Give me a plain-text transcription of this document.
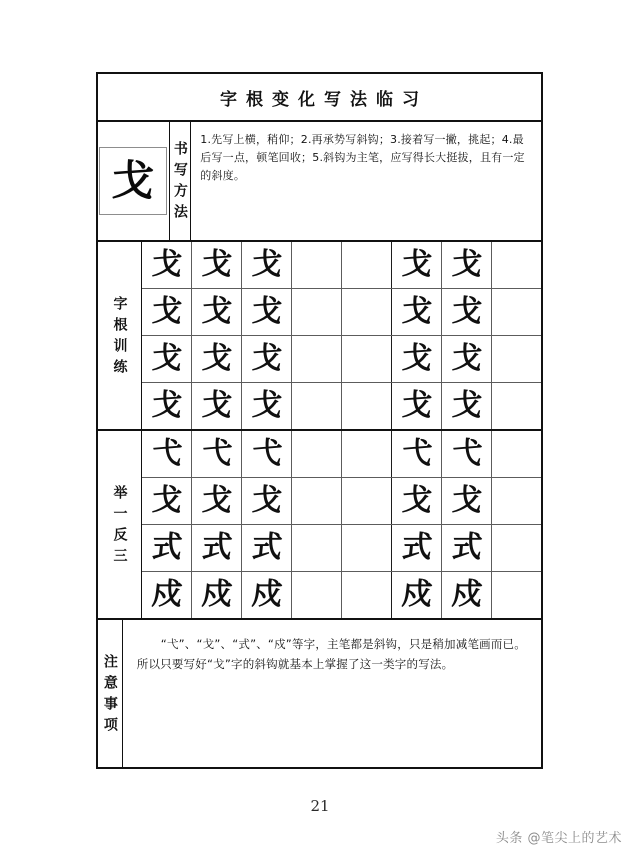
字根变化写法临习
戈 书写方法

1.先写上横，稍仰；2.再承势写斜钩；3.接着写一撇，挑起；4.最后写一点，顿笔回收；5.斜钩为主笔，应写得长大挺拔，且有一定的斜度。

字根训练
戈 戈 戈	戈 戈
戈 戈 戈	戈 戈
戈 戈 戈	戈 戈
戈 戈 戈	戈 戈
举一反三
弋 弋 弋	弋 弋
戈 戈 戈	戈 戈
式 式 式	式 式
戍 戍 戍	戍 戍
注意事项

“弋”、“戈”、“式”、“戍”等字，主笔都是斜钩，只是稍加减笔画而已。所以只要写好“戈”字的斜钩就基本上掌握了这一类字的写法。

21
头条 @笔尖上的艺术
